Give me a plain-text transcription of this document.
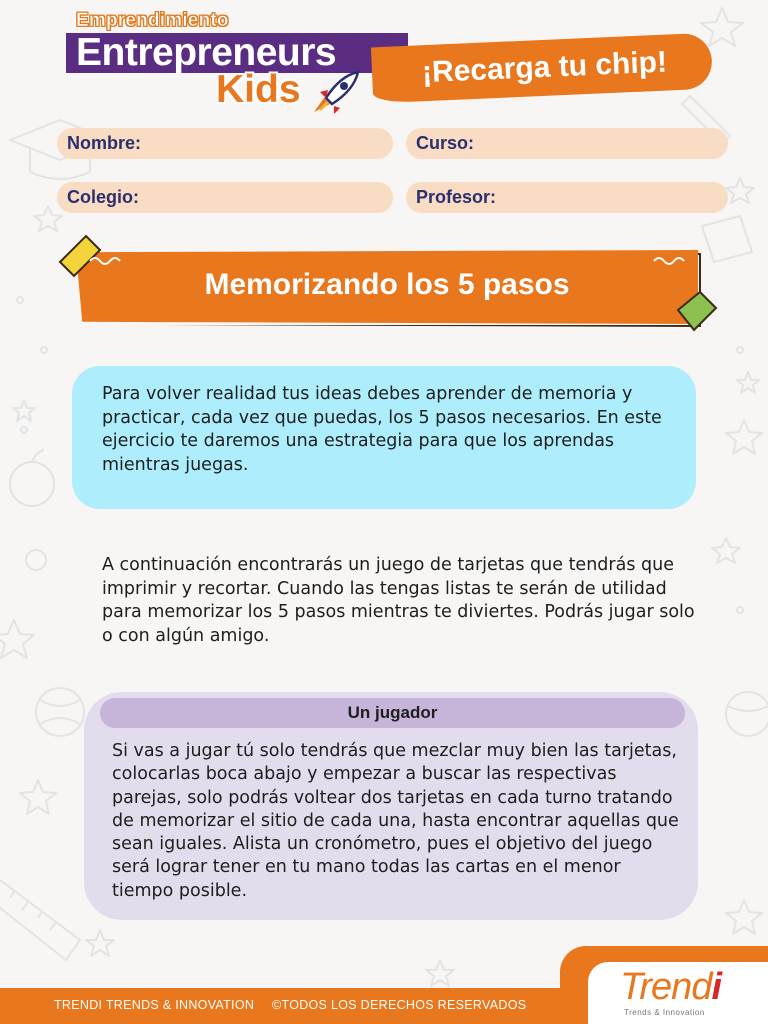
Emprendimiento
Entrepreneurs
Kids
¡Recarga tu chip!
Nombre:	Curso:
Colegio:	Profesor:
Memorizando los 5 pasos

Para volver realidad tus ideas debes aprender de memoria y practicar, cada vez que puedas, los 5 pasos necesarios. En este ejercicio te daremos una estrategia para que los aprendas mientras juegas.

A continuación encontrarás un juego de tarjetas que tendrás que imprimir y recortar. Cuando las tengas listas te serán de utilidad para memorizar los 5 pasos mientras te diviertes. Podrás jugar solo o con algún amigo.

Un jugador

Si vas a jugar tú solo tendrás que mezclar muy bien las tarjetas, colocarlas boca abajo y empezar a buscar las respectivas parejas, solo podrás voltear dos tarjetas en cada turno tratando de memorizar el sitio de cada una, hasta encontrar aquellas que sean iguales. Alista un cronómetro, pues el objetivo del juego será lograr tener en tu mano todas las cartas en el menor tiempo posible.

TRENDI TRENDS & INNOVATION ©TODOS LOS DERECHOS RESERVADOS Trendi
Trends & Innovation
